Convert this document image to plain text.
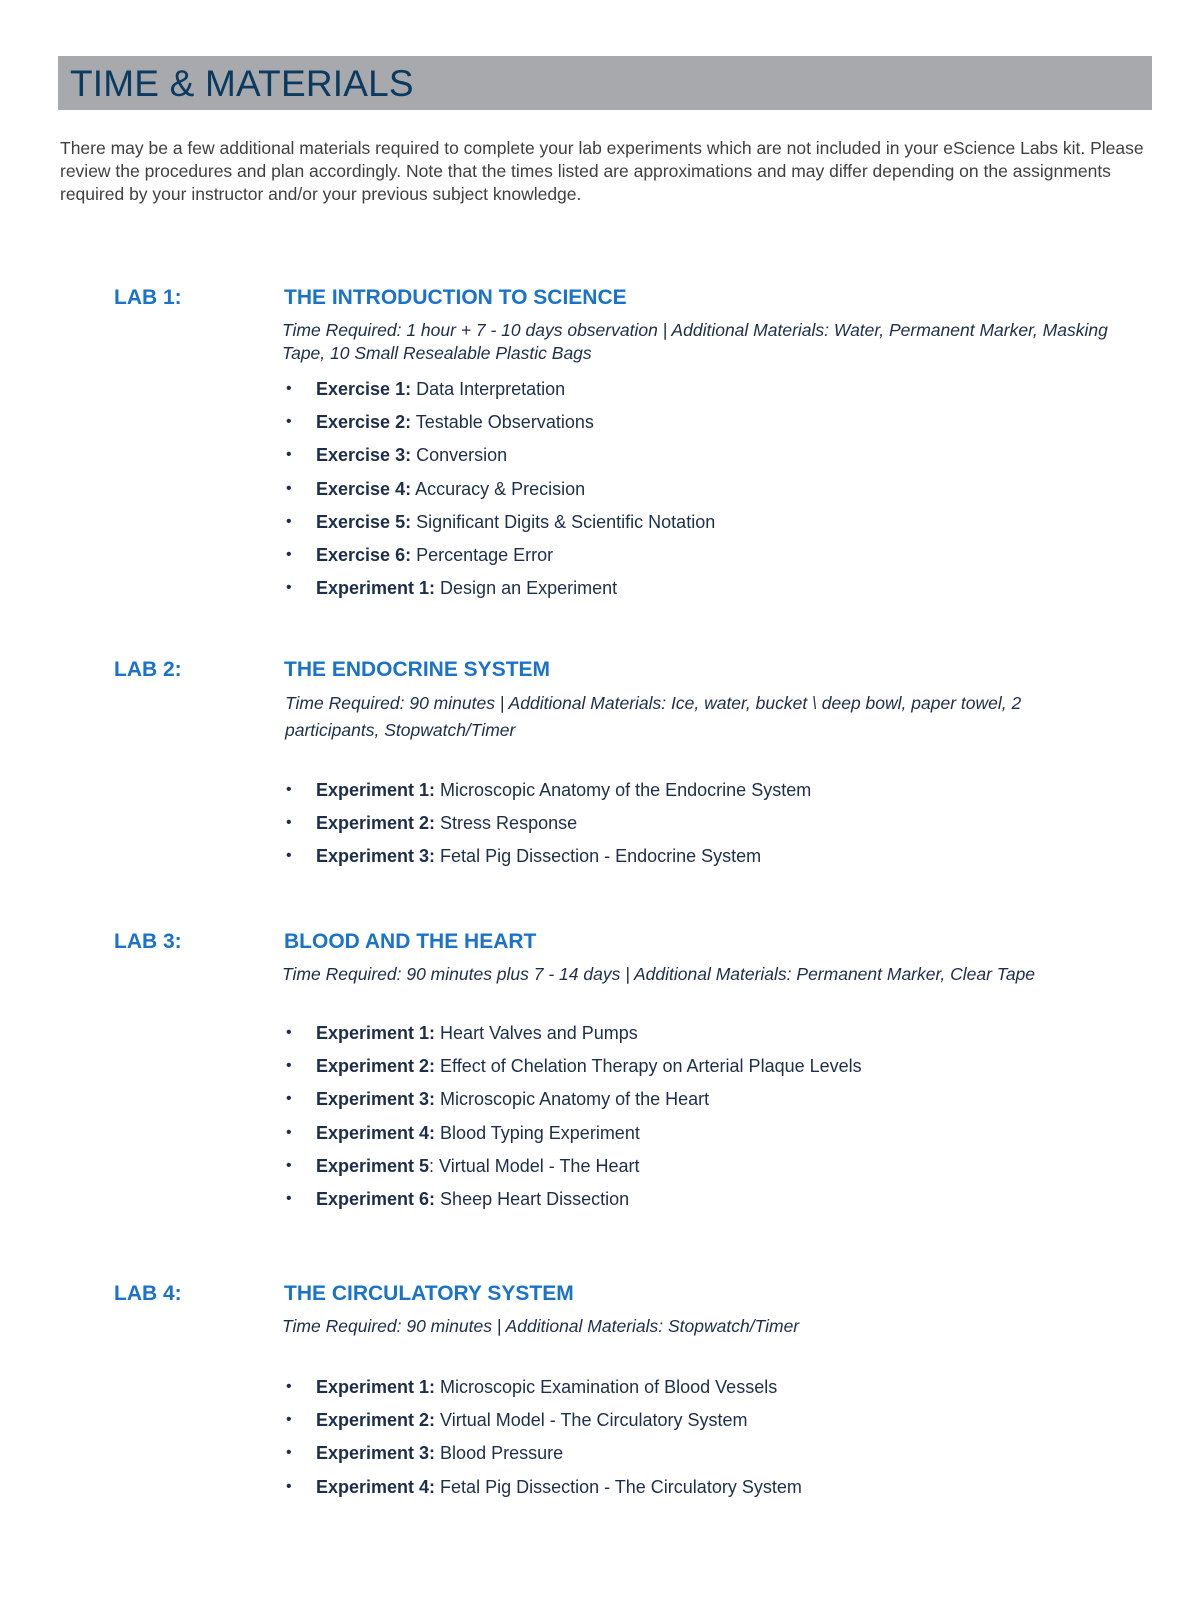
TIME & MATERIALS

There may be a few additional materials required to complete your lab experiments which are not included in your eScience Labs kit. Please review the procedures and plan accordingly. Note that the times listed are approximations and may differ depending on the assignments required by your instructor and/or your previous subject knowledge.

LAB 1:	THE INTRODUCTION TO SCIENCE

Time Required: 1 hour + 7 - 10 days observation | Additional Materials: Water, Permanent Marker, Masking Tape, 10 Small Resealable Plastic Bags

• Exercise 1: Data Interpretation
• Exercise 2: Testable Observations
• Exercise 3: Conversion
• Exercise 4: Accuracy & Precision
• Exercise 5: Significant Digits & Scientific Notation
• Exercise 6: Percentage Error
• Experiment 1: Design an Experiment
LAB 2:	THE ENDOCRINE SYSTEM

Time Required: 90 minutes | Additional Materials: Ice, water, bucket \ deep bowl, paper towel, 2 participants, Stopwatch/Timer

• Experiment 1: Microscopic Anatomy of the Endocrine System
• Experiment 2: Stress Response
• Experiment 3: Fetal Pig Dissection - Endocrine System
LAB 3:	BLOOD AND THE HEART

Time Required: 90 minutes plus 7 - 14 days | Additional Materials: Permanent Marker, Clear Tape

• Experiment 1: Heart Valves and Pumps
• Experiment 2: Effect of Chelation Therapy on Arterial Plaque Levels
• Experiment 3: Microscopic Anatomy of the Heart
• Experiment 4: Blood Typing Experiment
• Experiment 5: Virtual Model - The Heart
• Experiment 6: Sheep Heart Dissection
LAB 4:	THE CIRCULATORY SYSTEM

Time Required: 90 minutes | Additional Materials: Stopwatch/Timer

• Experiment 1: Microscopic Examination of Blood Vessels
• Experiment 2: Virtual Model - The Circulatory System
• Experiment 3: Blood Pressure
• Experiment 4: Fetal Pig Dissection - The Circulatory System
